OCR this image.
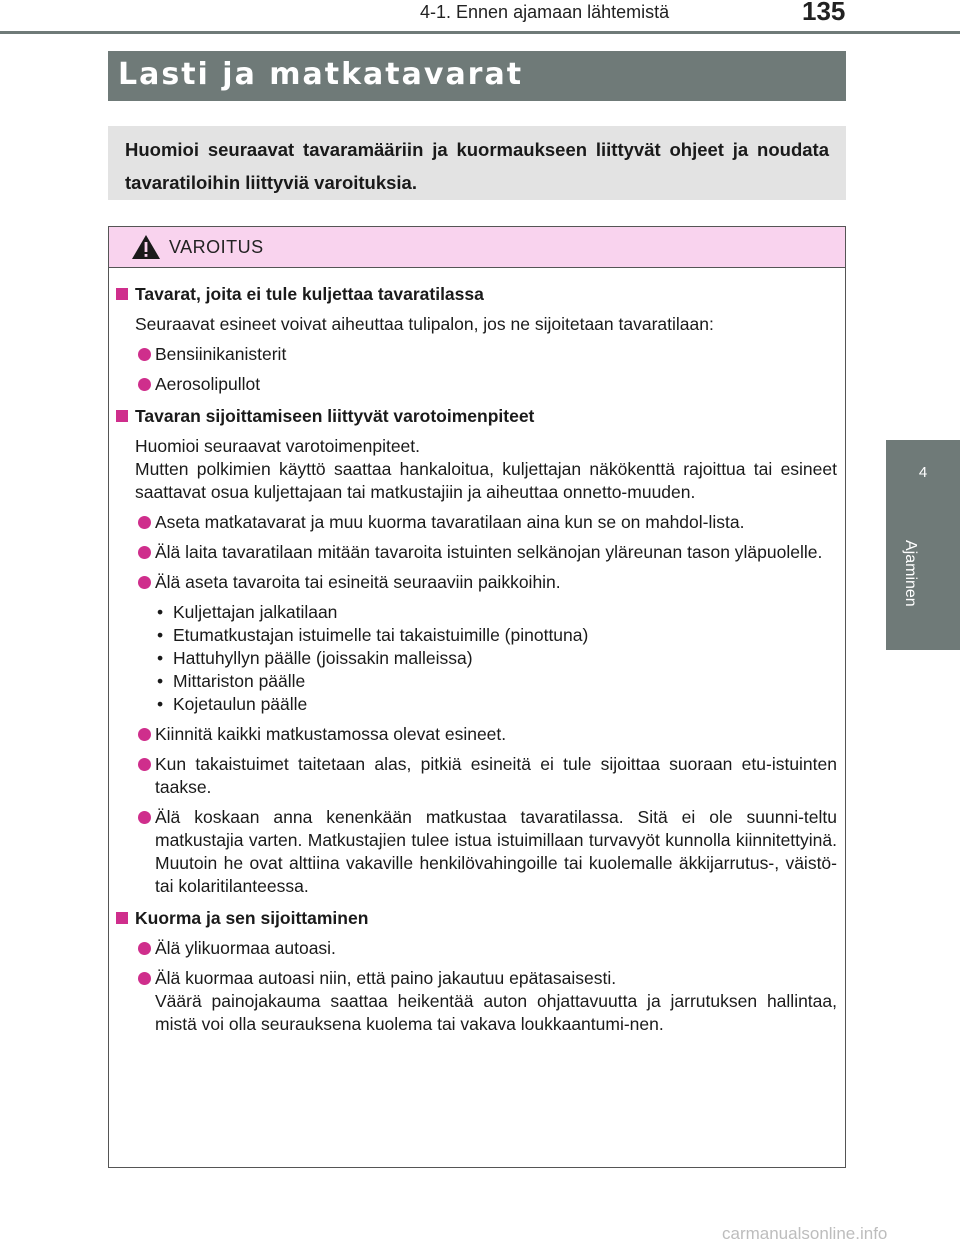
4-1. Ennen ajamaan lähtemistä	135
4
Ajaminen
Lasti ja matkatavarat

Huomioi seuraavat tavaramääriin ja kuormaukseen liittyvät ohjeet ja noudata tavaratiloihin liittyviä varoituksia.

VAROITUS
Tavarat, joita ei tule kuljettaa tavaratilassa
Seuraavat esineet voivat aiheuttaa tulipalon, jos ne sijoitetaan tavaratilaan:
Bensiinikanisterit
Aerosolipullot
Tavaran sijoittamiseen liittyvät varotoimenpiteet
Huomioi seuraavat varotoimenpiteet.
Mutten polkimien käyttö saattaa hankaloitua, kuljettajan näkökenttä rajoittua tai esineet saattavat osua kuljettajaan tai matkustajiin ja aiheuttaa onnetto-muuden.
Aseta matkatavarat ja muu kuorma tavaratilaan aina kun se on mahdol-lista.
Älä laita tavaratilaan mitään tavaroita istuinten selkänojan yläreunan tason yläpuolelle.
Älä aseta tavaroita tai esineitä seuraaviin paikkoihin.
• Kuljettajan jalkatilaan
• Etumatkustajan istuimelle tai takaistuimille (pinottuna)
• Hattuhyllyn päälle (joissakin malleissa)
• Mittariston päälle
• Kojetaulun päälle
Kiinnitä kaikki matkustamossa olevat esineet.
Kun takaistuimet taitetaan alas, pitkiä esineitä ei tule sijoittaa suoraan etu-istuinten taakse.
Älä koskaan anna kenenkään matkustaa tavaratilassa. Sitä ei ole suunni-teltu matkustajia varten. Matkustajien tulee istua istuimillaan turvavyöt kunnolla kiinnitettyinä. Muutoin he ovat alttiina vakaville henkilövahingoille tai kuolemalle äkkijarrutus-, väistö- tai kolaritilanteessa.
Kuorma ja sen sijoittaminen
Älä ylikuormaa autoasi.
Älä kuormaa autoasi niin, että paino jakautuu epätasaisesti.
Väärä painojakauma saattaa heikentää auton ohjattavuutta ja jarrutuksen hallintaa, mistä voi olla seurauksena kuolema tai vakava loukkaantumi-nen.
carmanualsonline.info
